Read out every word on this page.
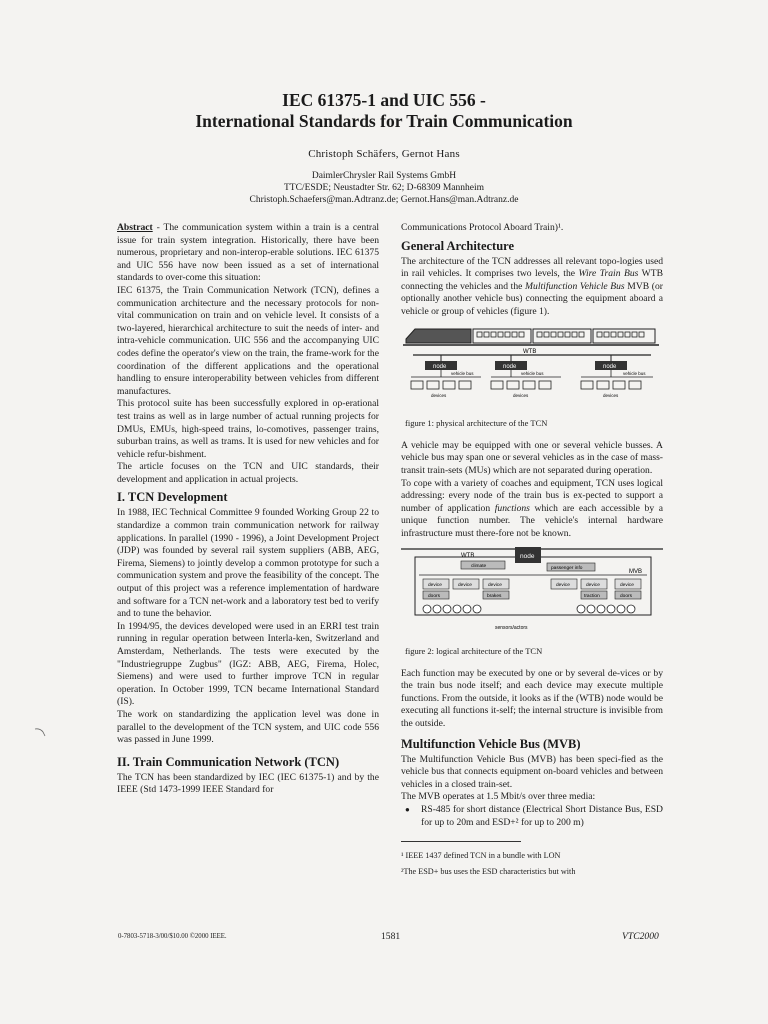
IEC 61375-1 and UIC 556 -
International Standards for Train Communication

Christoph Schäfers, Gernot Hans
DaimlerChrysler Rail Systems GmbH
TTC/ESDE; Neustadter Str. 62; D-68309 Mannheim
Christoph.Schaefers@man.Adtranz.de; Gernot.Hans@man.Adtranz.de

Abstract - The communication system within a train is a central issue for train system integration. Historically, there have been numerous, proprietary and non-interop-erable solutions. IEC 61375 and UIC 556 have now been issued as a set of international standards to over-come this situation:

IEC 61375, the Train Communication Network (TCN), defines a communication architecture and the necessary protocols for non-vital communication on train and on vehicle level. It consists of a two-layered, hierarchical architecture to suit the needs of inter- and intra-vehicle communication. UIC 556 and the accompanying UIC codes define the operator's view on the train, the frame-work for the coordination of the different applications and the operational handling to ensure interoperability between vehicles from different manufactures.

This protocol suite has been successfully explored in op-erational test trains as well as in large number of actual running projects for DMUs, EMUs, high-speed trains, lo-comotives, passenger trains, suburban trains, as well as trams. It is used for new vehicles and for vehicle refur-bishment.

The article focuses on the TCN and UIC standards, their development and application in actual projects.

I. TCN Development

In 1988, IEC Technical Committee 9 founded Working Group 22 to standardize a common train communication network for railway applications. In parallel (1990 - 1996), a Joint Development Project (JDP) was founded by several rail system suppliers (ABB, AEG, Firema, Siemens) to jointly develop a common prototype for such a communication system and prove the feasibility of the concept. The output of this project was a reference implementation of hardware and software for a TCN net-work and a laboratory test bed to verify and to tune the behavior.

In 1994/95, the devices developed were used in an ERRI test train running in regular operation between Interla-ken, Switzerland and Amsterdam, Netherlands. The tests were executed by the "Industriegruppe Zugbus" (IGZ: ABB, AEG, Firema, Holec, Siemens) and were used to further improve TCN in regular operation. In October 1999, TCN became International Standard (IS).

The work on standardizing the application level was done in parallel to the development of the TCN system, and UIC code 556 was passed in June 1999.

II. Train Communication Network (TCN)

The TCN has been standardized by IEC (IEC 61375-1) and by the IEEE (Std 1473-1999 IEEE Standard for

Communications Protocol Aboard Train)¹.

General Architecture

The architecture of the TCN addresses all relevant topo-logies used in rail vehicles. It comprises two levels, the Wire Train Bus WTB connecting the vehicles and the Multifunction Vehicle Bus MVB (or optionally another vehicle bus) connecting the equipment aboard a vehicle or group of vehicles (figure 1).

WTB
node	node	node
vehicle bus	vehicle bus	vehicle bus
devices	devices	devices
figure 1: physical architecture of the TCN

A vehicle may be equipped with one or several vehicle busses. A vehicle bus may span one or several vehicles as in the case of mass-transit train-sets (MUs) which are not separated during operation.

To cope with a variety of coaches and equipment, TCN uses logical addressing: every node of the train bus is ex-pected to support a number of application functions which are each accessible by a unique function number. The vehicle's internal hardware infrastructure must there-fore not be known.

WTB	node
climate	passenger info
MVB
device	device	device	device	device	device
doors	brakes	traction	doors
sensors/actors
figure 2: logical architecture of the TCN

Each function may be executed by one or by several de-vices or by the train bus node itself; and each device may execute multiple functions. From the outside, it looks as if the (WTB) node would be executing all functions it-self; the internal structure is invisible from the outside.

Multifunction Vehicle Bus (MVB)

The Multifunction Vehicle Bus (MVB) has been speci-fied as the vehicle bus that connects equipment on-board vehicles and between vehicles in a closed train-set.

The MVB operates at 1.5 Mbit/s over three media:

● RS-485 for short distance (Electrical Short Distance Bus, ESD for up to 20m and ESD+² for up to 200 m)

¹ IEEE 1437 defined TCN in a bundle with LON

²The ESD+ bus uses the ESD characteristics but with

0-7803-5718-3/00/$10.00 ©2000 IEEE.	1581	VTC2000
